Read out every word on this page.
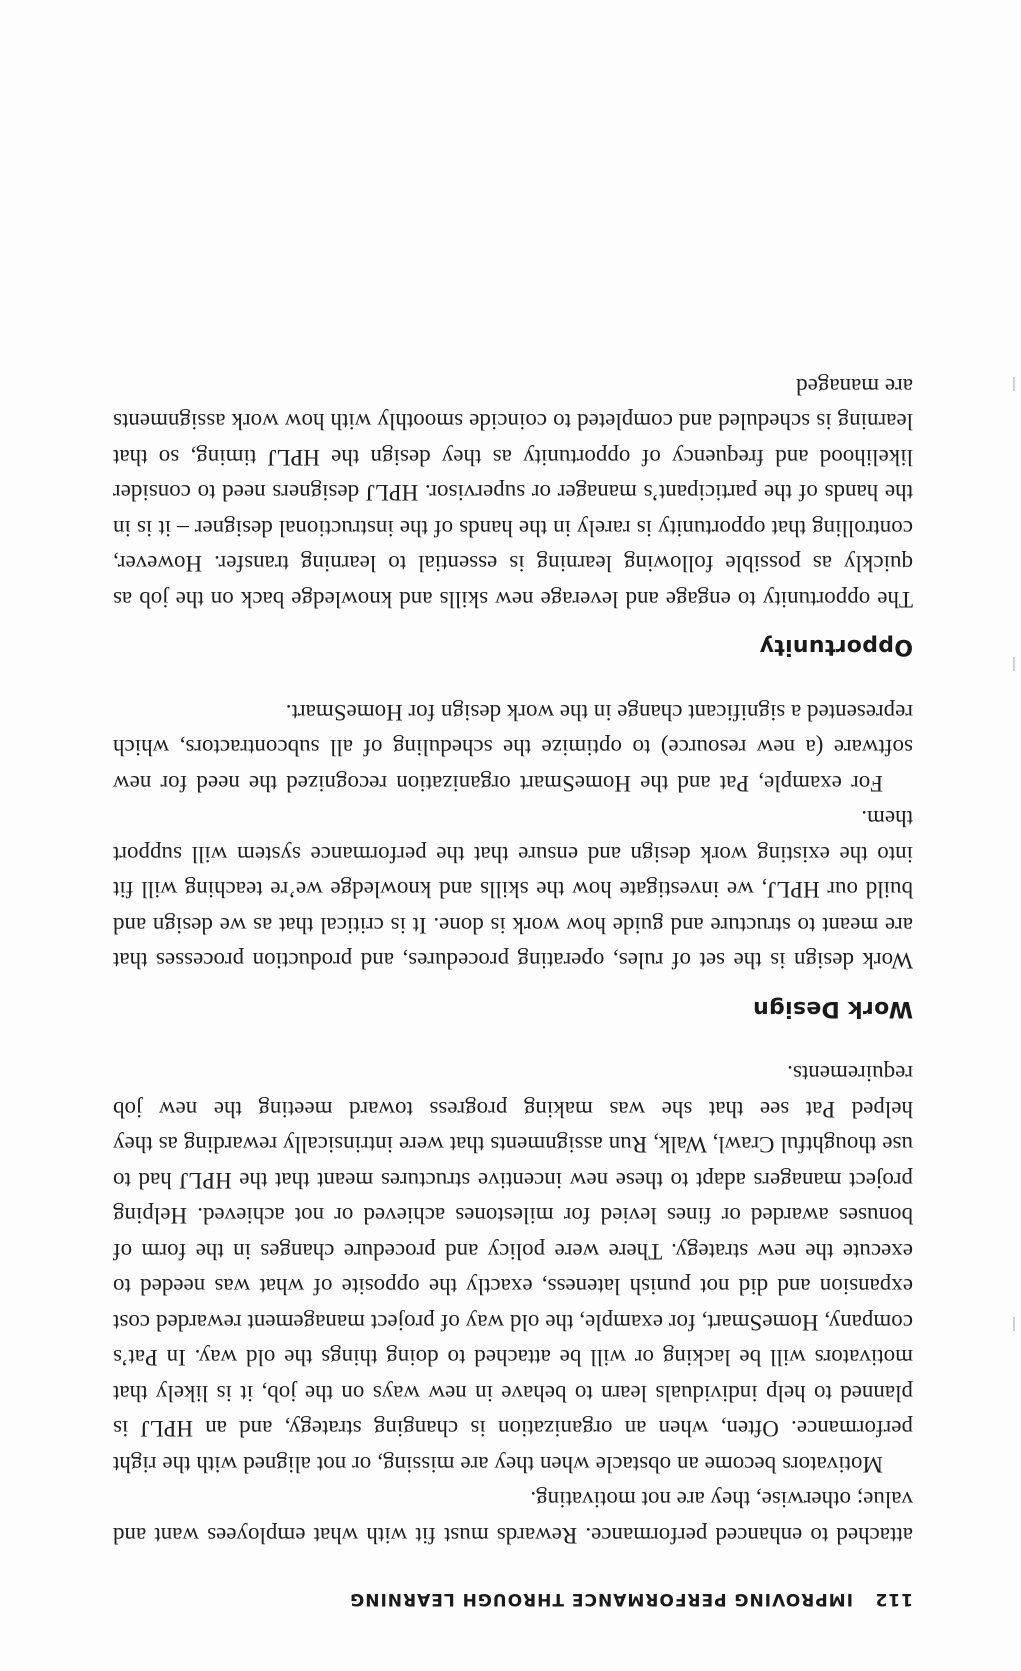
112
IMPROVING PERFORMANCE THROUGH LEARNING

attached to enhanced performance. Rewards must fit with what employees want and value; otherwise, they are not motivating.

Motivators become an obstacle when they are missing, or not aligned with the right performance. Often, when an organization is changing strategy, and an HPLJ is planned to help individuals learn to behave in new ways on the job, it is likely that motivators will be lacking or will be attached to doing things the old way. In Pat’s company, HomeSmart, for example, the old way of project management rewarded cost expansion and did not punish lateness, exactly the opposite of what was needed to execute the new strategy. There were policy and procedure changes in the form of bonuses awarded or fines levied for milestones achieved or not achieved. Helping project managers adapt to these new incentive structures meant that the HPLJ had to use thoughtful Crawl, Walk, Run assignments that were intrinsically rewarding as they helped Pat see that she was making progress toward meeting the new job requirements.

Work Design

Work design is the set of rules, operating procedures, and production processes that are meant to structure and guide how work is done. It is critical that as we design and build our HPLJ, we investigate how the skills and knowledge we’re teaching will fit into the existing work design and ensure that the performance system will support them.

For example, Pat and the HomeSmart organization recognized the need for new software (a new resource) to optimize the scheduling of all subcontractors, which represented a significant change in the work design for HomeSmart.

Opportunity

The opportunity to engage and leverage new skills and knowledge back on the job as quickly as possible following learning is essential to learning transfer. However, controlling that opportunity is rarely in the hands of the instructional designer – it is in the hands of the participant’s manager or supervisor. HPLJ designers need to consider likelihood and frequency of opportunity as they design the HPLJ timing, so that learning is scheduled and completed to coincide smoothly with how work assignments are managed
